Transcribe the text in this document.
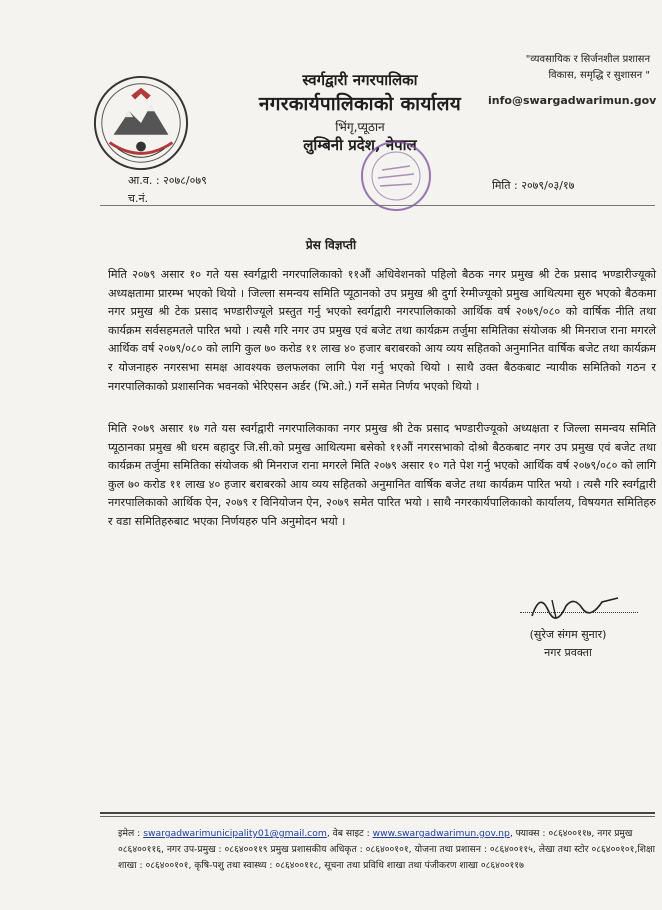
स्वर्गद्वारी नगरपालिका

नगरकार्यपालिकाको कार्यालय

भिंगृ,प्यूठान

लुम्बिनी प्रदेश, नेपाल

"व्यवसायिक र सिर्जनशील प्रशासन
विकास, समृद्धि र सुशासन "
info@swargadwarimun.gov
आ.व. : २०७८/०७९
च.नं.
मिति : २०७९/०३/१७
प्रेस विज्ञप्ती

मिति २०७९ असार १० गते यस स्वर्गद्वारी नगरपालिकाको ११औं अधिवेशनको पहिलो बैठक नगर प्रमुख श्री टेक प्रसाद भण्डारीज्यूको अध्यक्षतामा प्रारम्भ भएको थियो । जिल्ला समन्वय समिति प्यूठानको उप प्रमुख श्री दुर्गा रेग्मीज्यूको प्रमुख आथित्यमा सुरु भएको बैठकमा नगर प्रमुख श्री टेक प्रसाद भण्डारीज्यूले प्रस्तुत गर्नु भएको स्वर्गद्वारी नगरपालिकाको आर्थिक वर्ष २०७९/०८० को वार्षिक नीति तथा कार्यक्रम सर्वसहमतले पारित भयो । त्यसै गरि नगर उप प्रमुख एवं बजेट तथा कार्यक्रम तर्जुमा समितिका संयोजक श्री मिनराज राना मगरले आर्थिक वर्ष २०७९/०८० को लागि कुल ७० करोड ११ लाख ४० हजार बराबरको आय व्यय सहितको अनुमानित वार्षिक बजेट तथा कार्यक्रम र योजनाहरु नगरसभा समक्ष आवश्यक छलफलका लागि पेश गर्नु भएको थियो । साथै उक्त बैठकबाट न्यायीक समितिको गठन र नगरपालिकाको प्रशासनिक भवनको भेरिएसन अर्डर (भि.ओ.) गर्ने समेत निर्णय भएको थियो ।

मिति २०७९ असार १७ गते यस स्वर्गद्वारी नगरपालिकाका नगर प्रमुख श्री टेक प्रसाद भण्डारीज्यूको अध्यक्षता र जिल्ला समन्वय समिति प्यूठानका प्रमुख श्री धरम बहादुर जि.सी.को प्रमुख आथित्यमा बसेको ११औं नगरसभाको दोश्रो बैठकबाट नगर उप प्रमुख एवं बजेट तथा कार्यक्रम तर्जुमा समितिका संयोजक श्री मिनराज राना मगरले मिति २०७९ असार १० गते पेश गर्नु भएको आर्थिक वर्ष २०७९/०८० को लागि कुल ७० करोड ११ लाख ४० हजार बराबरको आय व्यय सहितको अनुमानित वार्षिक बजेट तथा कार्यक्रम पारित भयो । त्यसै गरि स्वर्गद्वारी नगरपालिकाको आर्थिक ऐन, २०७९ र विनियोजन ऐन, २०७९ समेत पारित भयो । साथै नगरकार्यपालिकाको कार्यालय, विषयगत समितिहरु र वडा समितिहरुबाट भएका निर्णयहरु पनि अनुमोदन भयो ।

(सुरेज संगम सुनार)
नगर प्रवक्ता
इमेल : swargadwarimunicipality01@gmail.com, वेब साइट : www.swargadwarimun.gov.np, फ्याक्स : ०८६४००११७, नगर प्रमुख ०८६४००११६, नगर उप-प्रमुख : ०८६४००११९ प्रमुख प्रशासकीय अधिकृत : ०८६४००१०१, योजना तथा प्रशासन : ०८६४००११५, लेखा तथा स्टोर ०८६४००१०१,शिक्षा शाखा : ०८६४००१०१, कृषि-पशु तथा स्वास्थ्य : ०८६४००११८, सूचना तथा प्रविधि शाखा तथा पंजीकरण शाखा ०८६४००११७
